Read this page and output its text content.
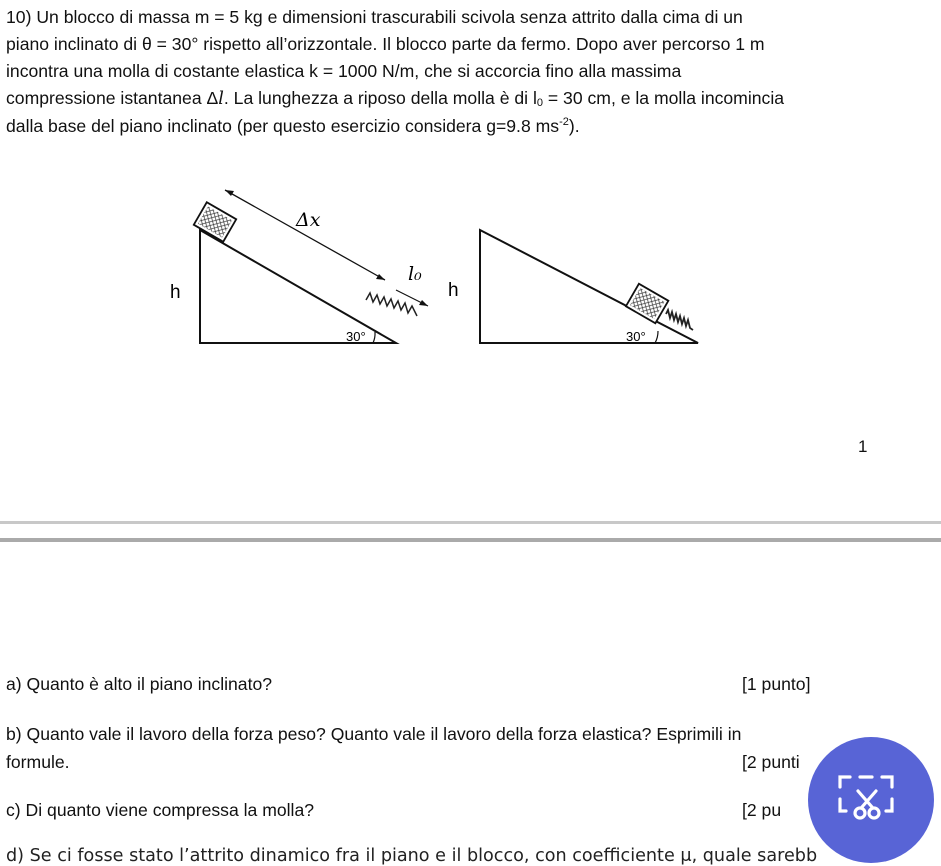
10) Un blocco di massa m = 5 kg e dimensioni trascurabili scivola senza attrito dalla cima di un
piano inclinato di θ = 30° rispetto all’orizzontale. Il blocco parte da fermo. Dopo aver percorso 1 m
incontra una molla di costante elastica k = 1000 N/m, che si accorcia fino alla massima
compressione istantanea Δl. La lunghezza a riposo della molla è di $l_0 = 30$ cm, e la molla incomincia
dalla base del piano inclinato (per questo esercizio considera g=9.8 $ms^{-2}$).
h
30°
Δx
l₀
h
30°
1
a) Quanto è alto il piano inclinato?	[1 punto]
b) Quanto vale il lavoro della forza peso? Quanto vale il lavoro della forza elastica? Esprimili in
formule.	[2 punti
c) Di quanto viene compressa la molla?	[2 pu
d) Se ci fosse stato l’attrito dinamico fra il piano e il blocco, con coefficiente μ, quale sarebb
